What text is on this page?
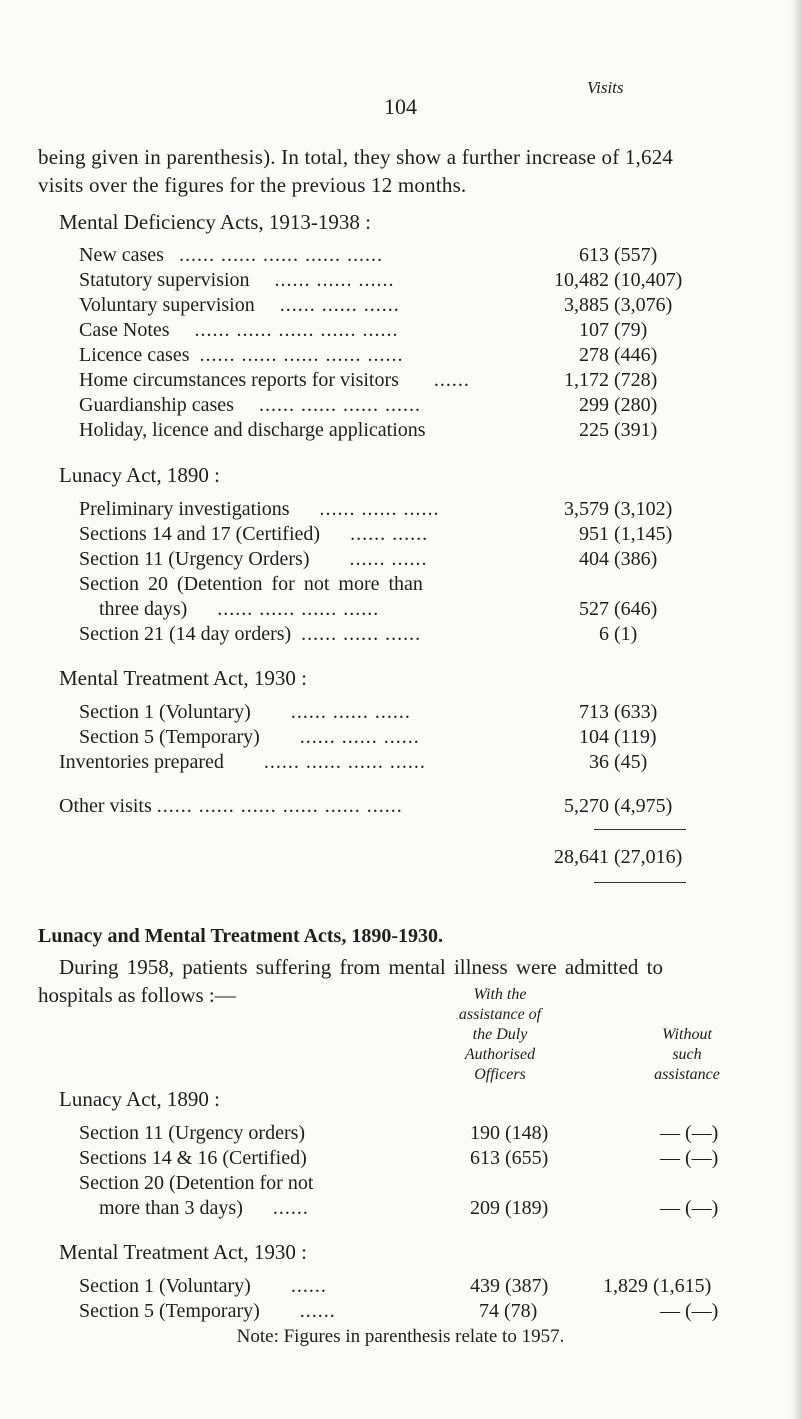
104
being given in parenthesis). In total, they show a further increase of 1,624
visits over the figures for the previous 12 months.
Visits
Mental Deficiency Acts, 1913-1938 :
New cases ...... ...... ...... ...... ......	613 (557)
Statutory supervision ...... ...... ......	10,482 (10,407)
Voluntary supervision ...... ...... ......	3,885 (3,076)
Case Notes ...... ...... ...... ...... ......	107 (79)
Licence cases ...... ...... ...... ...... ......	278 (446)
Home circumstances reports for visitors ......	1,172 (728)
Guardianship cases ...... ...... ...... ......	299 (280)
Holiday, licence and discharge applications	225 (391)
Lunacy Act, 1890 :
Preliminary investigations ...... ...... ......	3,579 (3,102)
Sections 14 and 17 (Certified) ...... ......	951 (1,145)
Section 11 (Urgency Orders) ...... ......	404 (386)
Section 20 (Detention for not more than
three days) ...... ...... ...... ......	527 (646)
Section 21 (14 day orders) ...... ...... ......	6 (1)
Mental Treatment Act, 1930 :
Section 1 (Voluntary) ...... ...... ......	713 (633)
Section 5 (Temporary) ...... ...... ......	104 (119)
Inventories prepared ...... ...... ...... ......	36 (45)
Other visits ...... ...... ...... ...... ...... ......	5,270 (4,975)
28,641 (27,016)
Lunacy and Mental Treatment Acts, 1890-1930.
During 1958, patients suffering from mental illness were admitted to
hospitals as follows :—	With the
assistance of
the Duly
Authorised
Officers
Without
such
assistance
Lunacy Act, 1890 :
Section 11 (Urgency orders)	190 (148)	— (—)
Sections 14 & 16 (Certified)	613 (655)	— (—)
Section 20 (Detention for not
more than 3 days) ......	209 (189)	— (—)
Mental Treatment Act, 1930 :
Section 1 (Voluntary) ......	439 (387)	1,829 (1,615)
Section 5 (Temporary) ......	74 (78)	— (—)
Note: Figures in parenthesis relate to 1957.
